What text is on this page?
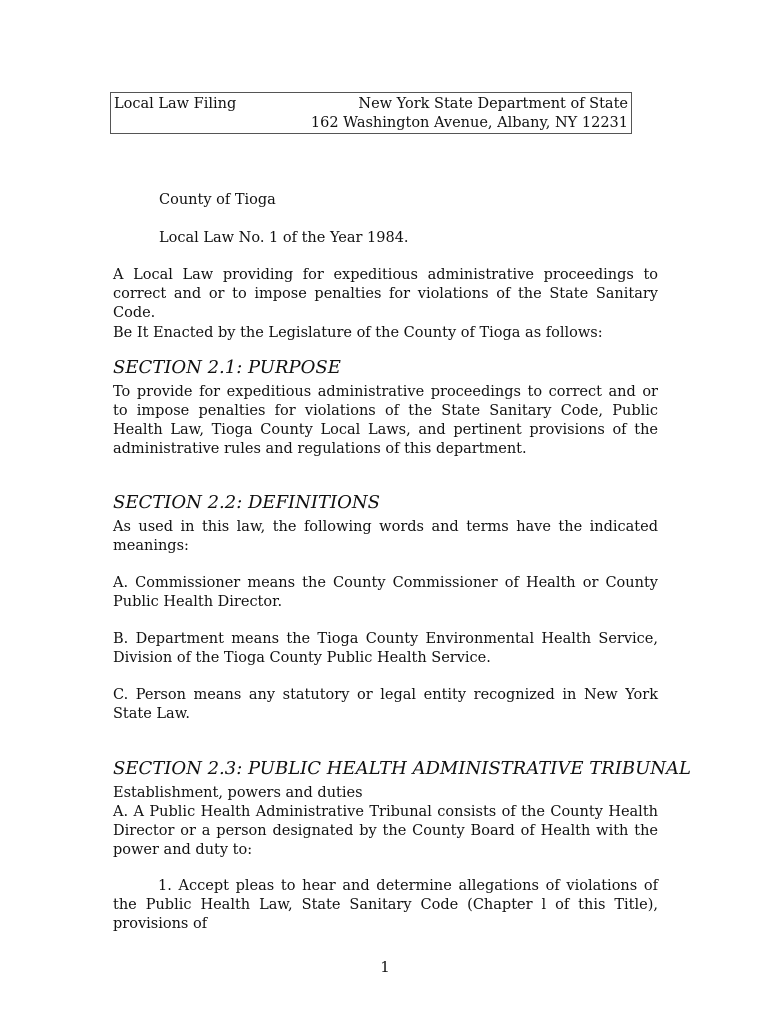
Local Law Filing	New York State Department of State
162 Washington Avenue, Albany, NY 12231
County of Tioga
Local Law No. 1 of the Year 1984.
A Local Law providing for expeditious administrative proceedings to correct and or to impose penalties for violations of the State Sanitary Code.
Be It Enacted by the Legislature of the County of Tioga as follows:
SECTION 2.1: PURPOSE
To provide for expeditious administrative proceedings to correct and or to impose penalties for violations of the State Sanitary Code, Public Health Law, Tioga County Local Laws, and pertinent provisions of the administrative rules and regulations of this department.
SECTION 2.2: DEFINITIONS
As used in this law, the following words and terms have the indicated meanings:
A. Commissioner means the County Commissioner of Health or County Public Health Director.
B. Department means the Tioga County Environmental Health Service, Division of the Tioga County Public Health Service.
C. Person means any statutory or legal entity recognized in New York State Law.
SECTION 2.3: PUBLIC HEALTH ADMINISTRATIVE TRIBUNAL
Establishment, powers and duties
A. A Public Health Administrative Tribunal consists of the County Health Director or a person designated by the County Board of Health with the power and duty to:
1. Accept pleas to hear and determine allegations of violations of the Public Health Law, State Sanitary Code (Chapter l of this Title), provisions of
1
